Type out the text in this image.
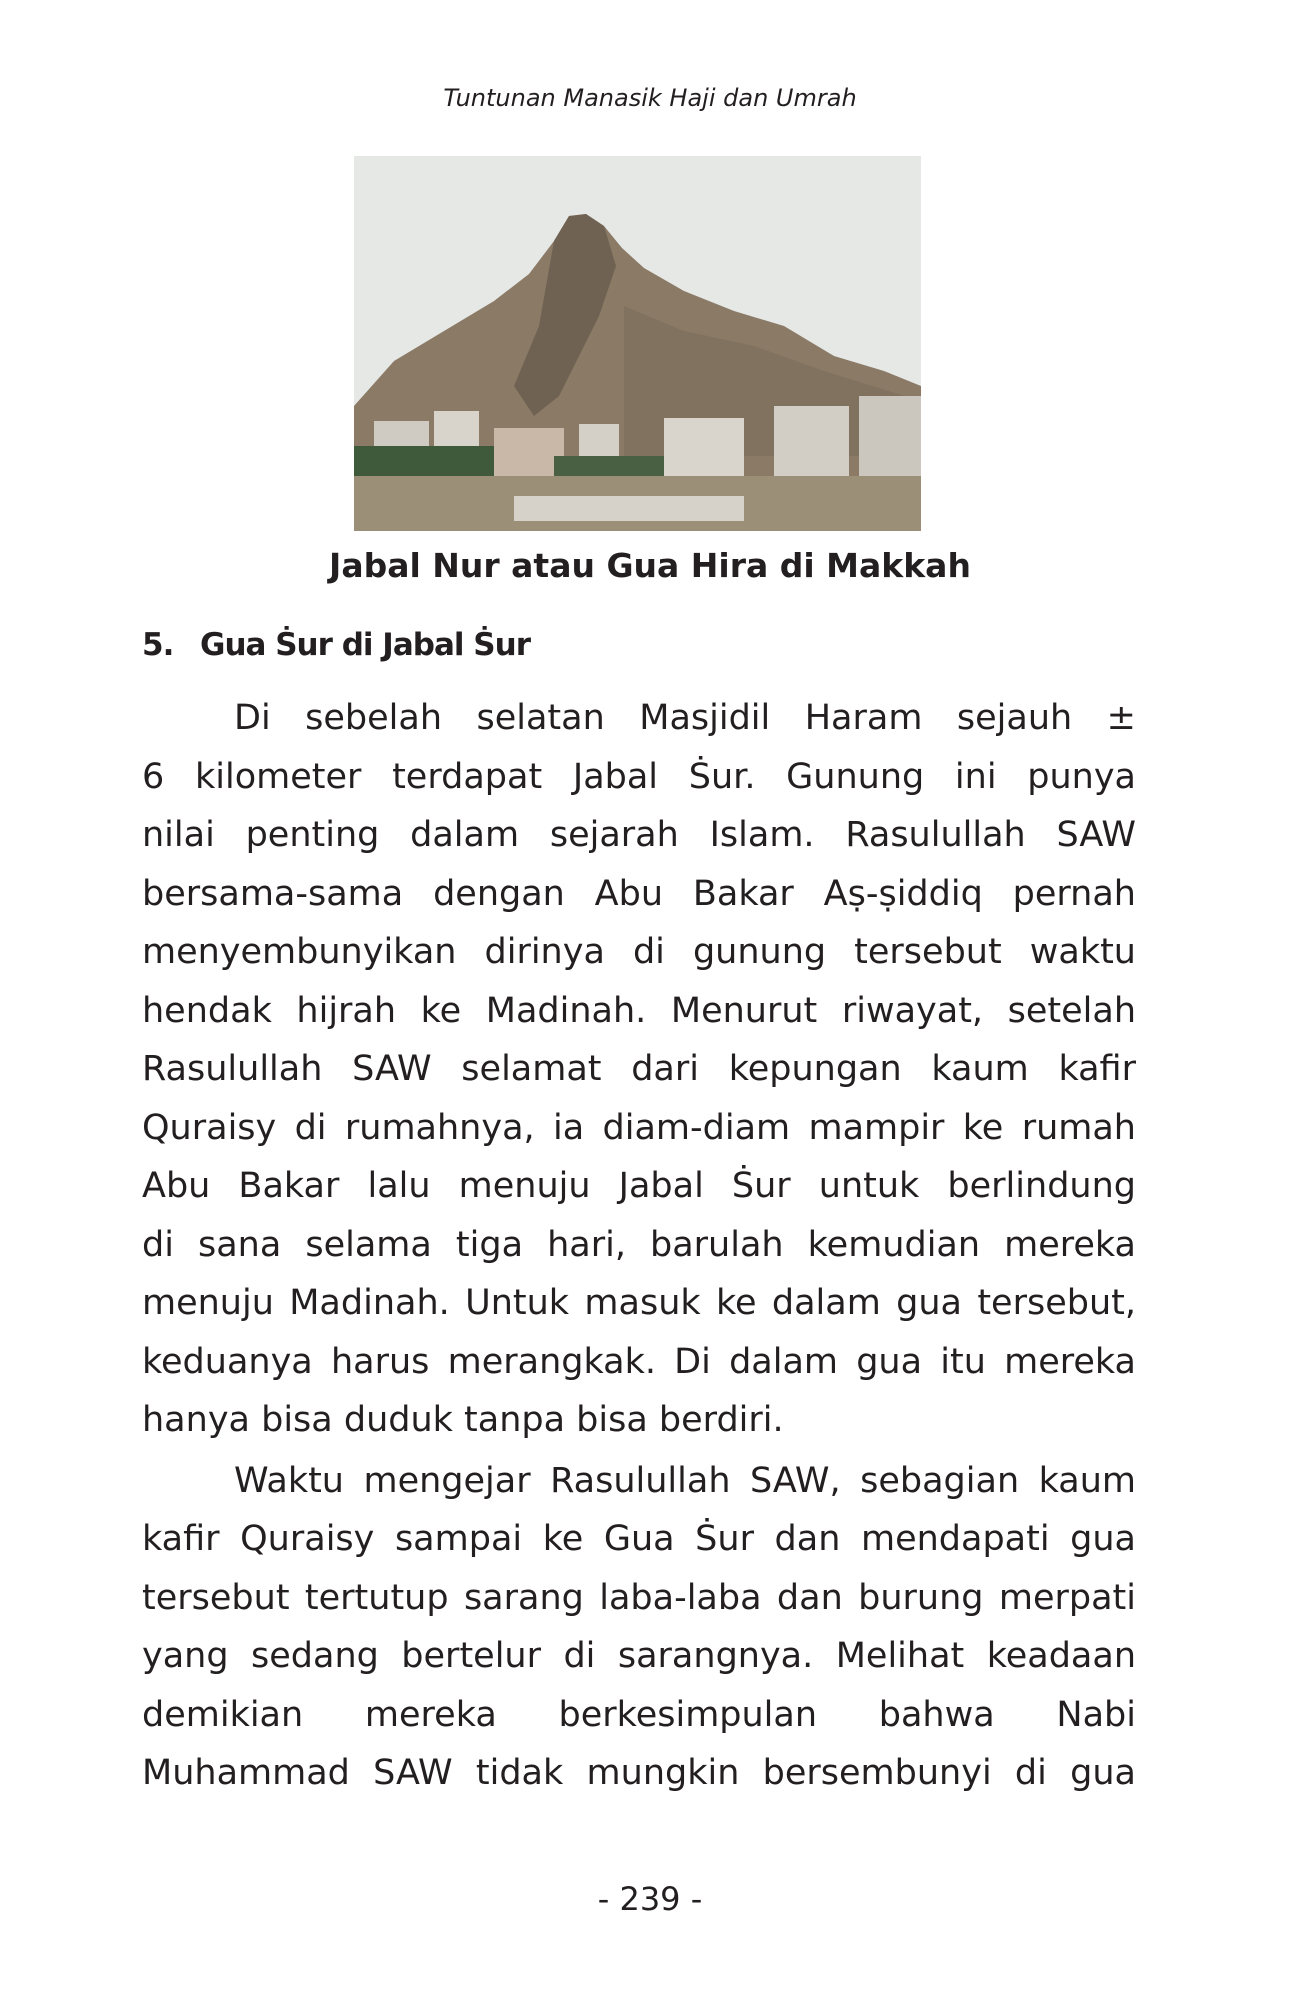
Tuntunan Manasik Haji dan Umrah
Jabal Nur atau Gua Hira di Makkah
5. Gua Ṡur di Jabal Ṡur
Di sebelah selatan Masjidil Haram sejauh ±
6 kilometer terdapat Jabal Ṡur. Gunung ini punya
nilai penting dalam sejarah Islam. Rasulullah SAW
bersama-sama dengan Abu Bakar Aṣ-ṣiddiq pernah
menyembunyikan dirinya di gunung tersebut waktu
hendak hijrah ke Madinah. Menurut riwayat, setelah
Rasulullah SAW selamat dari kepungan kaum kafir
Quraisy di rumahnya, ia diam-diam mampir ke rumah
Abu Bakar lalu menuju Jabal Ṡur untuk berlindung
di sana selama tiga hari, barulah kemudian mereka
menuju Madinah. Untuk masuk ke dalam gua tersebut,
keduanya harus merangkak. Di dalam gua itu mereka
hanya bisa duduk tanpa bisa berdiri.
Waktu mengejar Rasulullah SAW, sebagian kaum
kafir Quraisy sampai ke Gua Ṡur dan mendapati gua
tersebut tertutup sarang laba-laba dan burung merpati
yang sedang bertelur di sarangnya. Melihat keadaan
demikian mereka berkesimpulan bahwa Nabi
Muhammad SAW tidak mungkin bersembunyi di gua
- 239 -
